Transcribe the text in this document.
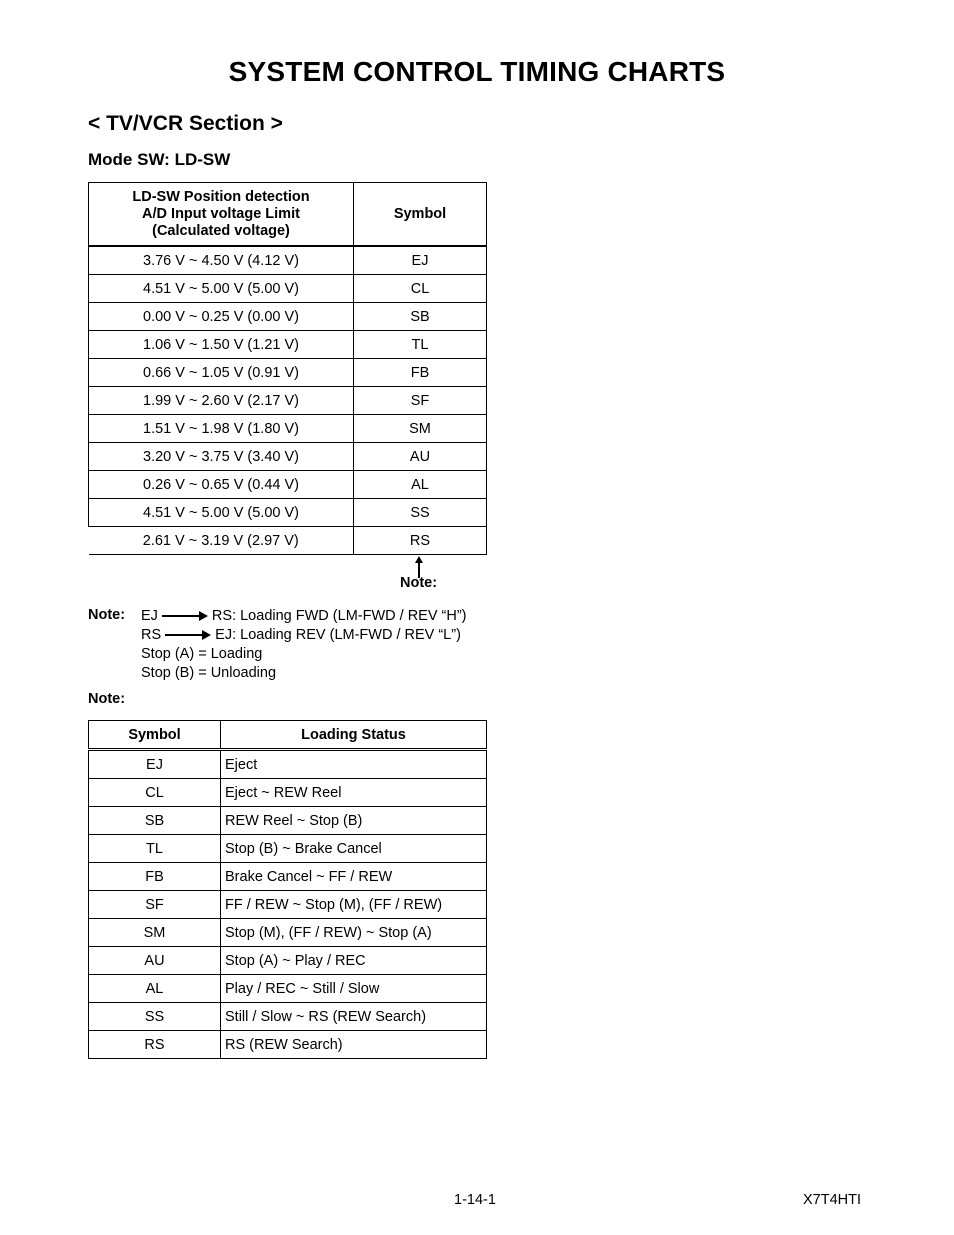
SYSTEM CONTROL TIMING CHARTS
< TV/VCR Section >
Mode SW: LD-SW
LD-SW Position detection
A/D Input voltage Limit
(Calculated voltage)	Symbol
3.76 V ~ 4.50 V (4.12 V)	EJ
4.51 V ~ 5.00 V (5.00 V)	CL
0.00 V ~ 0.25 V (0.00 V)	SB
1.06 V ~ 1.50 V (1.21 V)	TL
0.66 V ~ 1.05 V (0.91 V)	FB
1.99 V ~ 2.60 V (2.17 V)	SF
1.51 V ~ 1.98 V (1.80 V)	SM
3.20 V ~ 3.75 V (3.40 V)	AU
0.26 V ~ 0.65 V (0.44 V)	AL
4.51 V ~ 5.00 V (5.00 V)	SS
2.61 V ~ 3.19 V (2.97 V)	RS
Note:
Note:	EJ	RS: Loading FWD (LM-FWD / REV “H”)
RS	EJ: Loading REV (LM-FWD / REV “L”)
Stop (A) = Loading
Stop (B) = Unloading
Note:
Symbol	Loading Status
EJ	Eject
CL	Eject ~ REW Reel
SB	REW Reel ~ Stop (B)
TL	Stop (B) ~ Brake Cancel
FB	Brake Cancel ~ FF / REW
SF	FF / REW ~ Stop (M), (FF / REW)
SM	Stop (M), (FF / REW) ~ Stop (A)
AU	Stop (A) ~ Play / REC
AL	Play / REC ~ Still / Slow
SS	Still / Slow ~ RS (REW Search)
RS	RS (REW Search)
1-14-1	X7T4HTI
